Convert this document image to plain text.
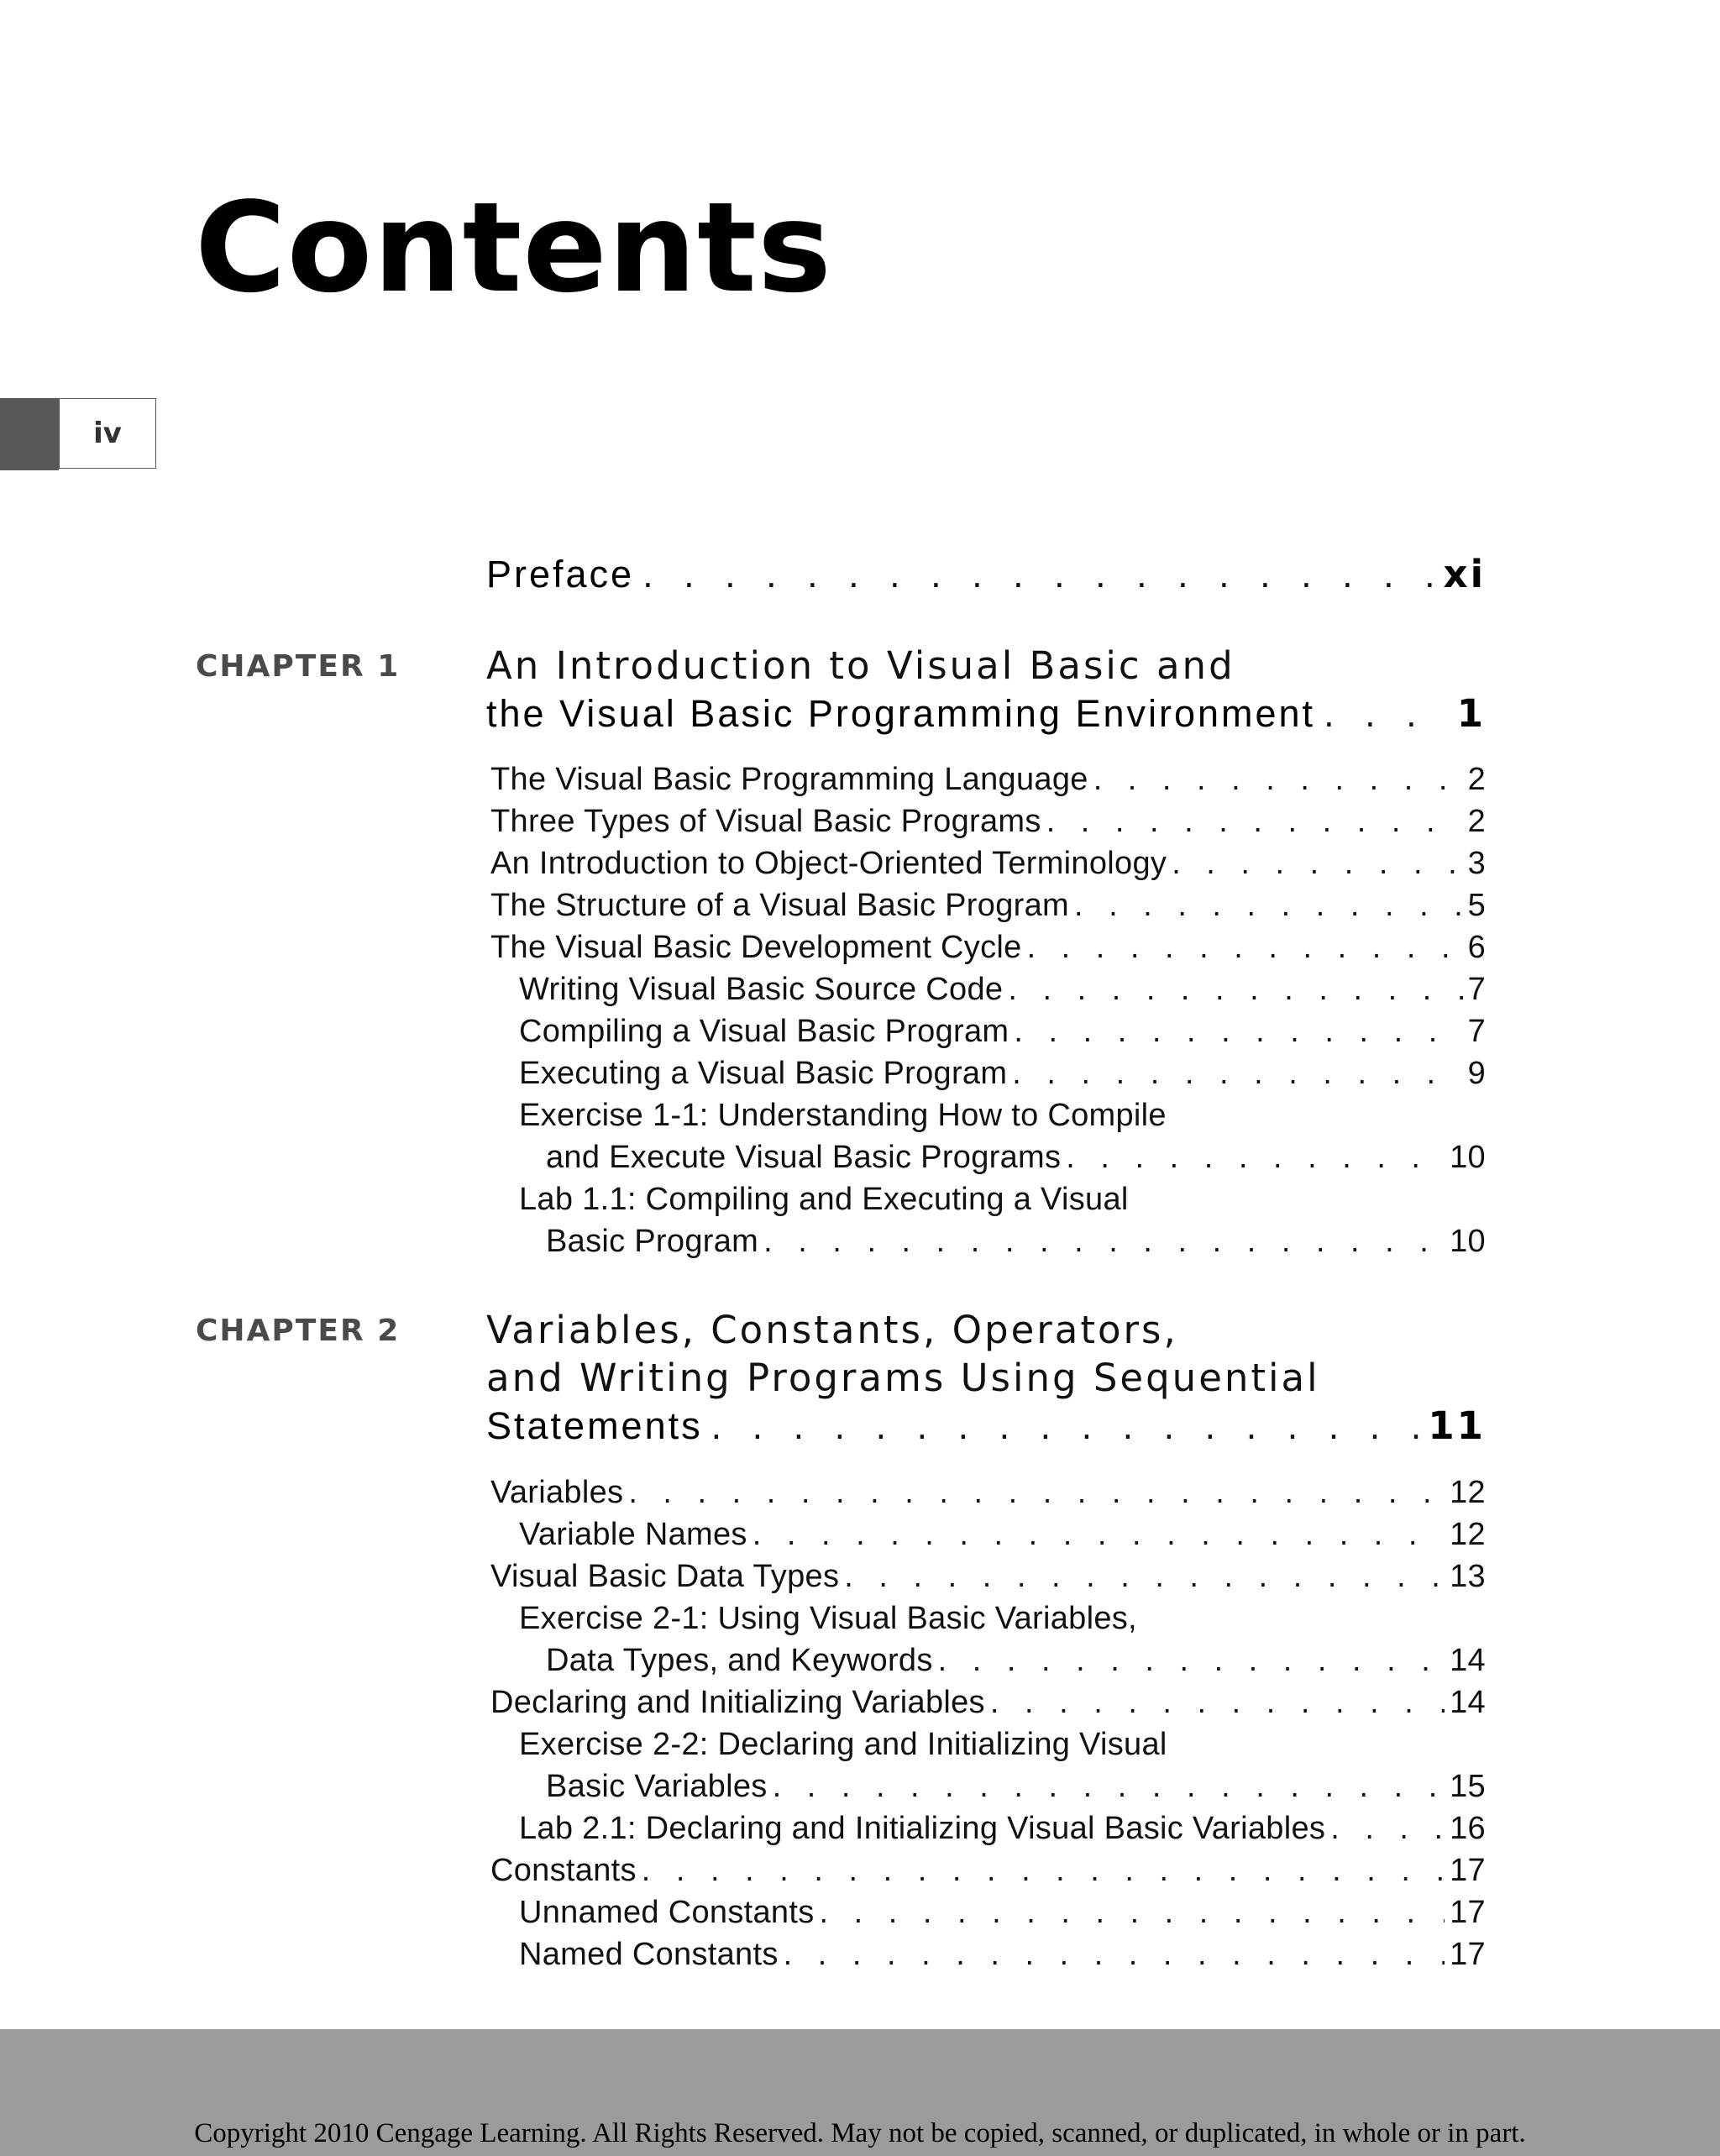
Contents
iv
Preface . . .	xi
CHAPTER 1 An Introduction to Visual Basic and
the Visual Basic Programming Environment . . .	1
The Visual Basic Programming Language . . .	2
Three Types of Visual Basic Programs . . .	2
An Introduction to Object-Oriented Terminology . . .	3
The Structure of a Visual Basic Program . . .	5
The Visual Basic Development Cycle . . .	6
Writing Visual Basic Source Code . . .	7
Compiling a Visual Basic Program . . .	7
Executing a Visual Basic Program . . .	9
Exercise 1-1: Understanding How to Compile
and Execute Visual Basic Programs . . .	10
Lab 1.1: Compiling and Executing a Visual
Basic Program . . .	10
CHAPTER 2 Variables, Constants, Operators,
and Writing Programs Using Sequential
Statements . . .	11
Variables . . .	12
Variable Names . . .	12
Visual Basic Data Types . . .	13
Exercise 2-1: Using Visual Basic Variables,
Data Types, and Keywords . . .	14
Declaring and Initializing Variables . . .	14
Exercise 2-2: Declaring and Initializing Visual
Basic Variables . . .	15
Lab 2.1: Declaring and Initializing Visual Basic Variables . . .	16
Constants . . .	17
Unnamed Constants . . .	17
Named Constants . . .	17

Copyright 2010 Cengage Learning. All Rights Reserved. May not be copied, scanned, or duplicated, in whole or in part.
